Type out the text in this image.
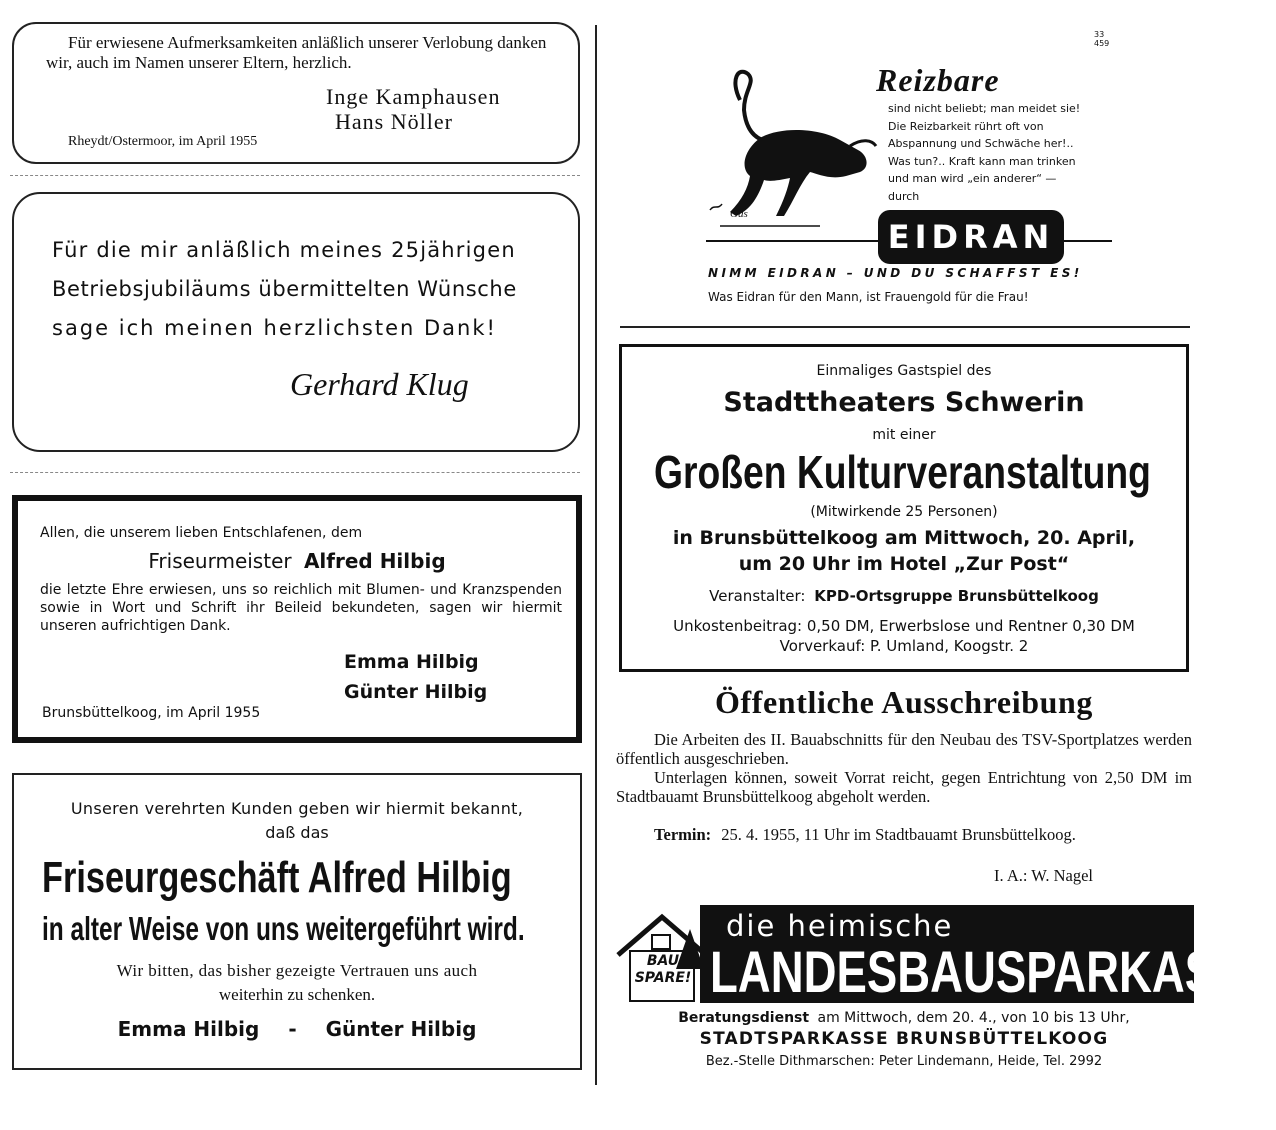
Für erwiesene Aufmerksamkeiten anläßlich unserer Verlobung danken wir, auch im Namen unserer Eltern, herzlich.
Inge Kamphausen
Hans Nöller
Rheydt/Ostermoor, im April 1955
Für die mir anläßlich meines 25jährigen
Betriebsjubiläums übermittelten Wünsche
sage ich meinen herzlichsten Dank!
Gerhard Klug
Allen, die unserem lieben Entschlafenen, dem
Friseurmeister Alfred Hilbig
die letzte Ehre erwiesen, uns so reichlich mit Blumen- und Kranzspenden sowie in Wort und Schrift ihr Beileid bekundeten, sagen wir hiermit unseren aufrichtigen Dank.
Emma Hilbig
Günter Hilbig
Brunsbüttelkoog, im April 1955
Unseren verehrten Kunden geben wir hiermit bekannt,
daß das
Friseurgeschäft Alfred Hilbig
in alter Weise von uns weitergeführt wird.
Wir bitten, das bisher gezeigte Vertrauen uns auch
weiterhin zu schenken.
Emma Hilbig - Günter Hilbig
33
459
Gus
Reizbare
sind nicht beliebt; man meidet sie! Die Reizbarkeit rührt oft von Abspannung und Schwäche her!.. Was tun?.. Kraft kann man trinken und man wird „ein anderer“ — durch
EIDRAN
NIMM EIDRAN – UND DU SCHAFFST ES!
Was Eidran für den Mann, ist Frauengold für die Frau!
Einmaliges Gastspiel des
Stadttheaters Schwerin
mit einer
Großen Kulturveranstaltung
(Mitwirkende 25 Personen)
in Brunsbüttelkoog am Mittwoch, 20. April,
um 20 Uhr im Hotel „Zur Post“
Veranstalter: KPD-Ortsgruppe Brunsbüttelkoog
Unkostenbeitrag: 0,50 DM, Erwerbslose und Rentner 0,30 DM
Vorverkauf: P. Umland, Koogstr. 2
Öffentliche Ausschreibung
Die Arbeiten des II. Bauabschnitts für den Neubau des TSV-Sportplatzes werden öffentlich ausgeschrieben.
Unterlagen können, soweit Vorrat reicht, gegen Entrichtung von 2,50 DM im Stadtbauamt Brunsbüttelkoog abgeholt werden.
Termin: 25. 4. 1955, 11 Uhr im Stadtbauamt Brunsbüttelkoog.
I. A.: W. Nagel
BAU
SPARE!
die heimische
LANDESBAUSPARKASSE
Beratungsdienst am Mittwoch, dem 20. 4., von 10 bis 13 Uhr,
STADTSPARKASSE BRUNSBÜTTELKOOG
Bez.-Stelle Dithmarschen: Peter Lindemann, Heide, Tel. 2992
